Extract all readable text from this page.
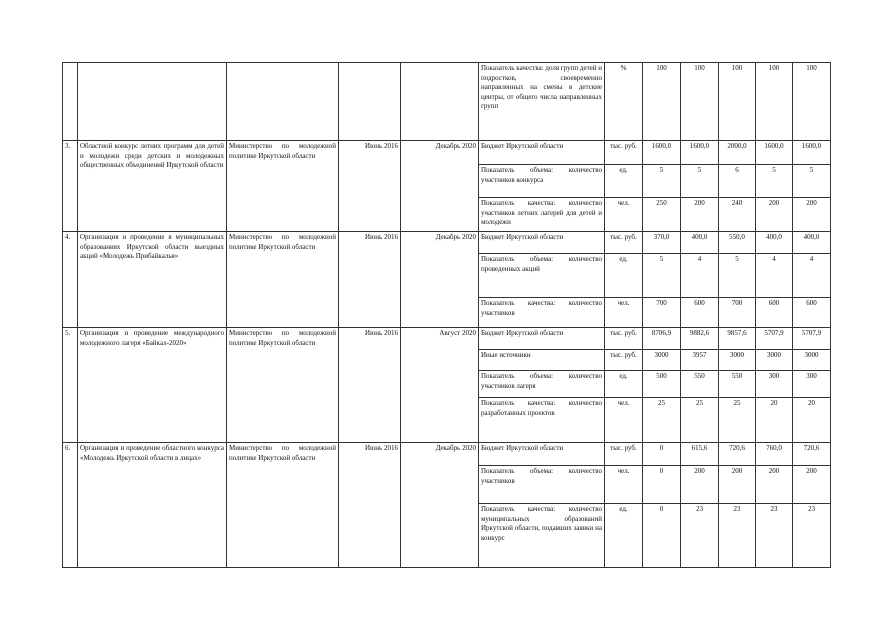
					Показатель качества: доля групп детей и подростков, своевременно направленных на смены в детские центры, от общего числа направленных групп	%	100	100	100	100	100
3.	Областной конкурс летних программ для детей и молодежи среди детских и молодежных общественных объединений Иркутской области	Министерство по молодежной политике Иркутской области	Июнь 2016	Декабрь 2020	Бюджет Иркутской области	тыс. руб.	1600,0	1600,0	2000,0	1600,0	1600,0
					Показатель объема: количество участников конкурса	ед.	5	5	6	5	5
					Показатель качества: количество участников летних лагерей для детей и молодежи	чел.	250	200	240	200	200
4.	Организация и проведение в муниципальных образованиях Иркутской области выездных акций «Молодежь Прибайкалья»	Министерство по молодежной политике Иркутской области	Июнь 2016	Декабрь 2020	Бюджет Иркутской области	тыс. руб.	370,0	400,0	550,0	400,0	400,0
					Показатель объема: количество проведенных акций	ед.	5	4	5	4	4
					Показатель качества: количество участников	чел.	700	600	700	600	600
5.	Организация и проведение международного молодежного лагеря «Байкал-2020»	Министерство по молодежной политике Иркутской области	Июнь 2016	Август 2020	Бюджет Иркутской области	тыс. руб.	8706,9	9882,6	9857,6	5707,9	5707,9
					Иные источники	тыс. руб.	3000	3957	3000	3000	3000
					Показатель объема: количество участников лагеря	ед.	500	550	550	300	300
					Показатель качества: количество разработанных проектов	чел.	25	25	25	20	20
6.	Организация и проведение областного конкурса «Молодежь Иркутской области в лицах»	Министерство по молодежной политике Иркутской области	Июнь 2016	Декабрь 2020	Бюджет Иркутской области	тыс. руб.	0	615,6	720,6	760,0	720,6
					Показатель объема: количество участников	чел.	0	200	200	200	200
					Показатель качества: количество муниципальных образований Иркутской области, подавших заявки на конкурс	ед.	0	23	23	23	23
